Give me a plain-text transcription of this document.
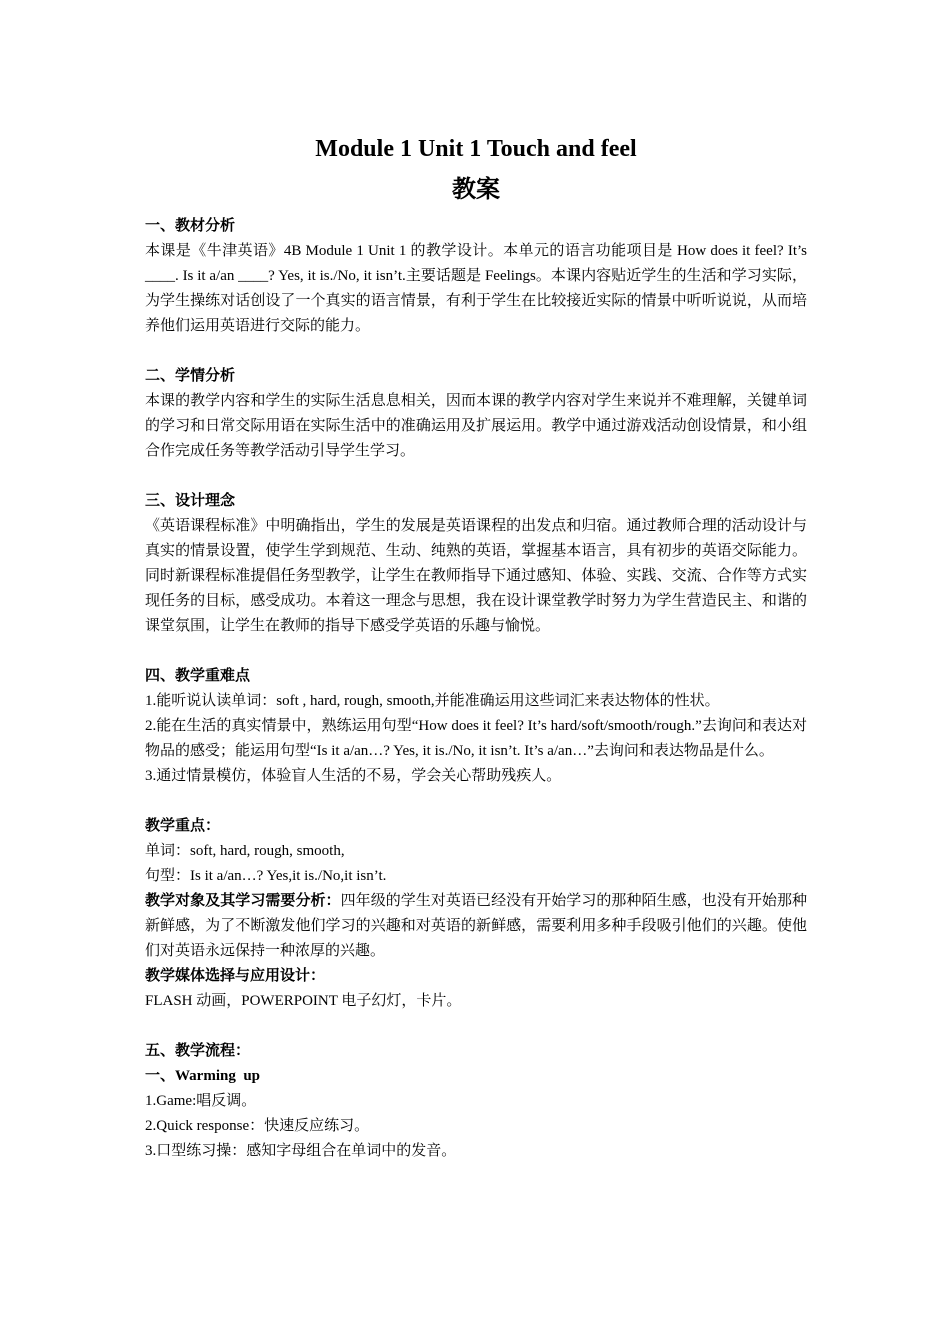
Module 1 Unit 1 Touch and feel
教案

一、教材分析

本课是《牛津英语》4B Module 1 Unit 1 的教学设计。本单元的语言功能项目是 How does it feel? It’s ____. Is it a/an ____? Yes, it is./No, it isn’t.主要话题是 Feelings。本课内容贴近学生的生活和学习实际，为学生操练对话创设了一个真实的语言情景，有利于学生在比较接近实际的情景中听听说说，从而培养他们运用英语进行交际的能力。

二、学情分析

本课的教学内容和学生的实际生活息息相关，因而本课的教学内容对学生来说并不难理解，关键单词的学习和日常交际用语在实际生活中的准确运用及扩展运用。教学中通过游戏活动创设情景，和小组合作完成任务等教学活动引导学生学习。

三、设计理念

《英语课程标准》中明确指出，学生的发展是英语课程的出发点和归宿。通过教师合理的活动设计与真实的情景设置，使学生学到规范、生动、纯熟的英语，掌握基本语言，具有初步的英语交际能力。同时新课程标准提倡任务型教学，让学生在教师指导下通过感知、体验、实践、交流、合作等方式实现任务的目标，感受成功。本着这一理念与思想，我在设计课堂教学时努力为学生营造民主、和谐的课堂氛围，让学生在教师的指导下感受学英语的乐趣与愉悦。

四、教学重难点

1.能听说认读单词：soft , hard, rough, smooth,并能准确运用这些词汇来表达物体的性状。

2.能在生活的真实情景中，熟练运用句型“How does it feel? It’s hard/soft/smooth/rough.”去询问和表达对物品的感受；能运用句型“Is it a/an…? Yes, it is./No, it isn’t. It’s a/an…”去询问和表达物品是什么。

3.通过情景模仿，体验盲人生活的不易，学会关心帮助残疾人。

教学重点：

单词：soft, hard, rough, smooth,

句型：Is it a/an…? Yes,it is./No,it isn’t.

教学对象及其学习需要分析：四年级的学生对英语已经没有开始学习的那种陌生感，也没有开始那种新鲜感，为了不断激发他们学习的兴趣和对英语的新鲜感，需要利用多种手段吸引他们的兴趣。使他们对英语永远保持一种浓厚的兴趣。

教学媒体选择与应用设计：

FLASH 动画，POWERPOINT 电子幻灯，卡片。

五、教学流程：

一、Warming  up

1.Game:唱反调。

2.Quick response：快速反应练习。

3.口型练习操：感知字母组合在单词中的发音。
